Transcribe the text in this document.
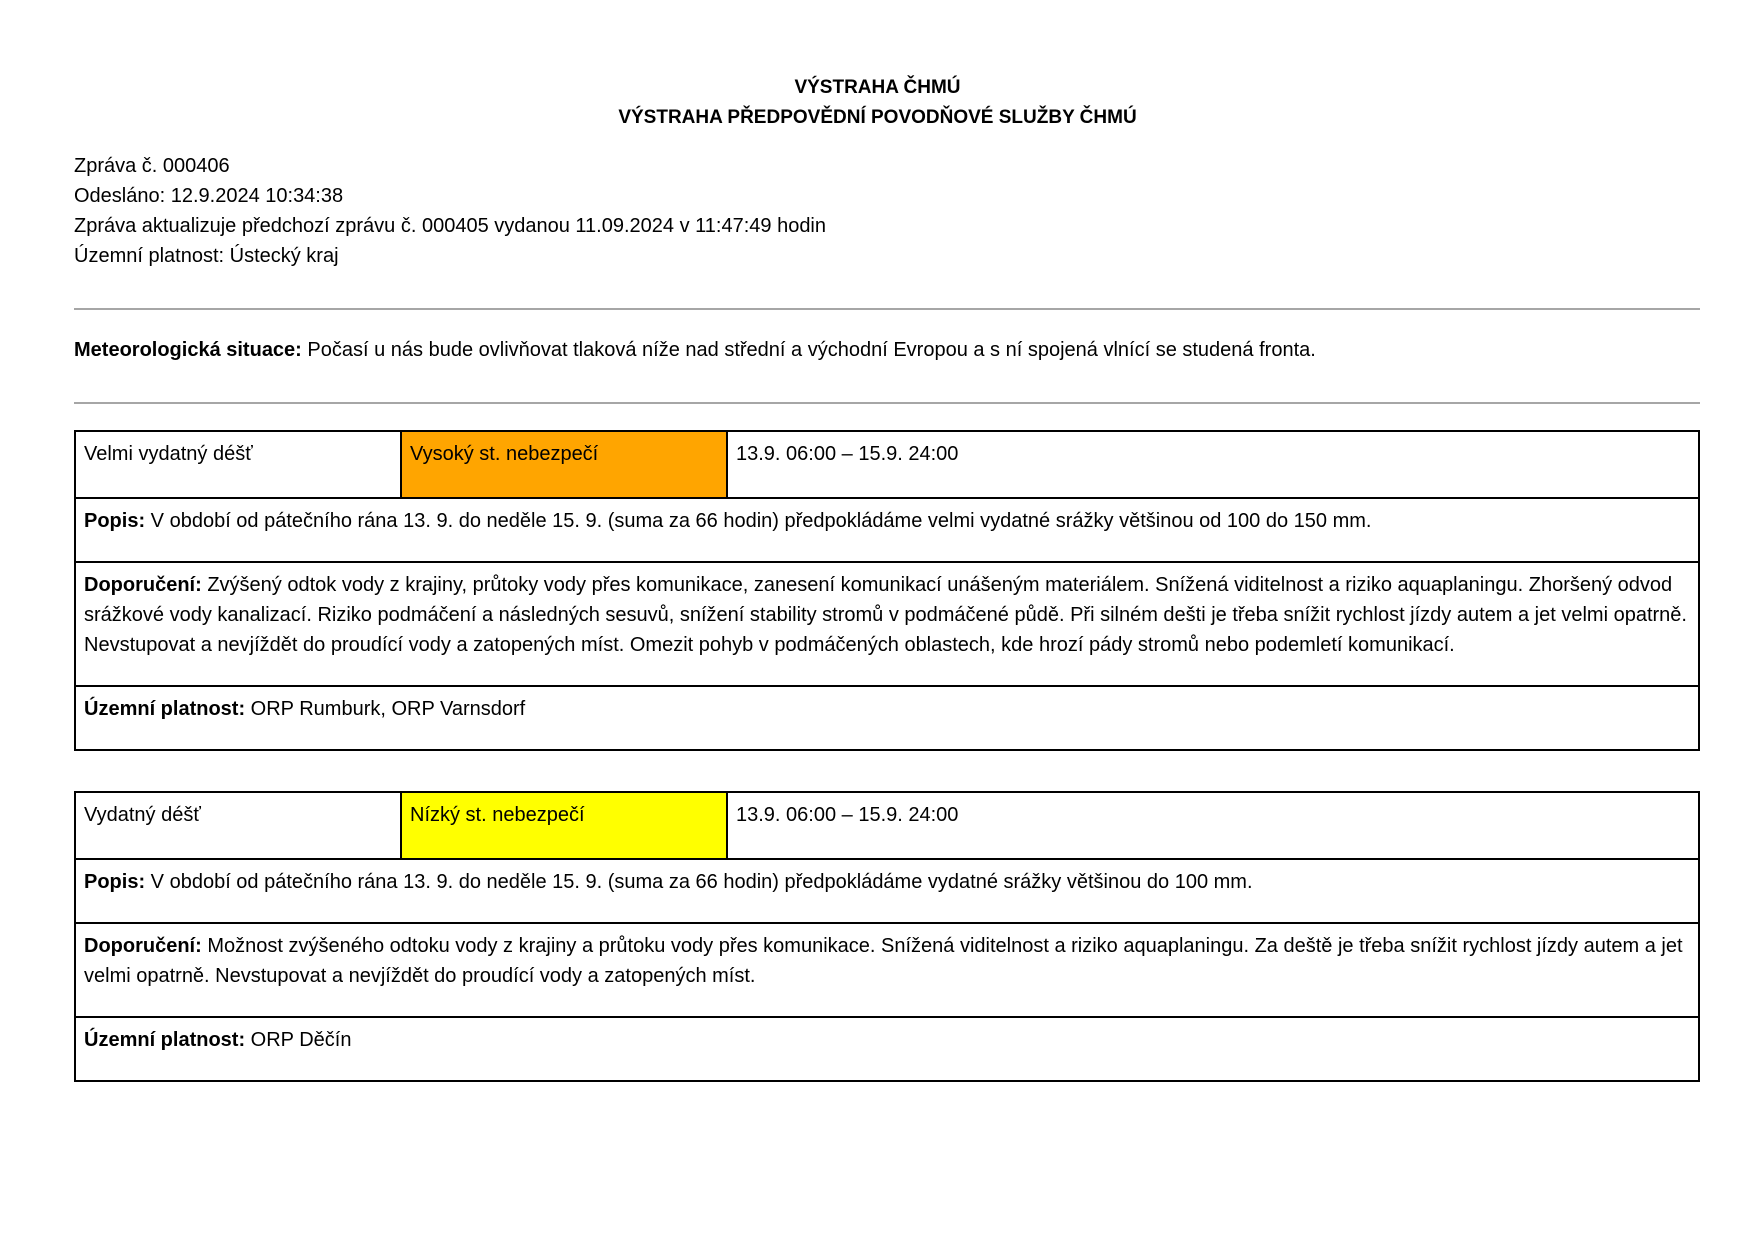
VÝSTRAHA ČHMÚ
VÝSTRAHA PŘEDPOVĚDNÍ POVODŇOVÉ SLUŽBY ČHMÚ
Zpráva č. 000406
Odesláno: 12.9.2024 10:34:38
Zpráva aktualizuje předchozí zprávu č. 000405 vydanou 11.09.2024 v 11:47:49 hodin
Územní platnost: Ústecký kraj
Meteorologická situace: Počasí u nás bude ovlivňovat tlaková níže nad střední a východní Evropou a s ní spojená vlnící se studená fronta.
Velmi vydatný déšť	Vysoký st. nebezpečí	13.9. 06:00 – 15.9. 24:00
Popis: V období od pátečního rána 13. 9. do neděle 15. 9. (suma za 66 hodin) předpokládáme velmi vydatné srážky většinou od 100 do 150 mm.
Doporučení: Zvýšený odtok vody z krajiny, průtoky vody přes komunikace, zanesení komunikací unášeným materiálem. Snížená viditelnost a riziko aquaplaningu. Zhoršený odvod srážkové vody kanalizací. Riziko podmáčení a následných sesuvů, snížení stability stromů v podmáčené půdě. Při silném dešti je třeba snížit rychlost jízdy autem a jet velmi opatrně. Nevstupovat a nevjíždět do proudící vody a zatopených míst. Omezit pohyb v podmáčených oblastech, kde hrozí pády stromů nebo podemletí komunikací.
Územní platnost: ORP Rumburk, ORP Varnsdorf
Vydatný déšť	Nízký st. nebezpečí	13.9. 06:00 – 15.9. 24:00
Popis: V období od pátečního rána 13. 9. do neděle 15. 9. (suma za 66 hodin) předpokládáme vydatné srážky většinou do 100 mm.
Doporučení: Možnost zvýšeného odtoku vody z krajiny a průtoku vody přes komunikace. Snížená viditelnost a riziko aquaplaningu. Za deště je třeba snížit rychlost jízdy autem a jet velmi opatrně. Nevstupovat a nevjíždět do proudící vody a zatopených míst.
Územní platnost: ORP Děčín
